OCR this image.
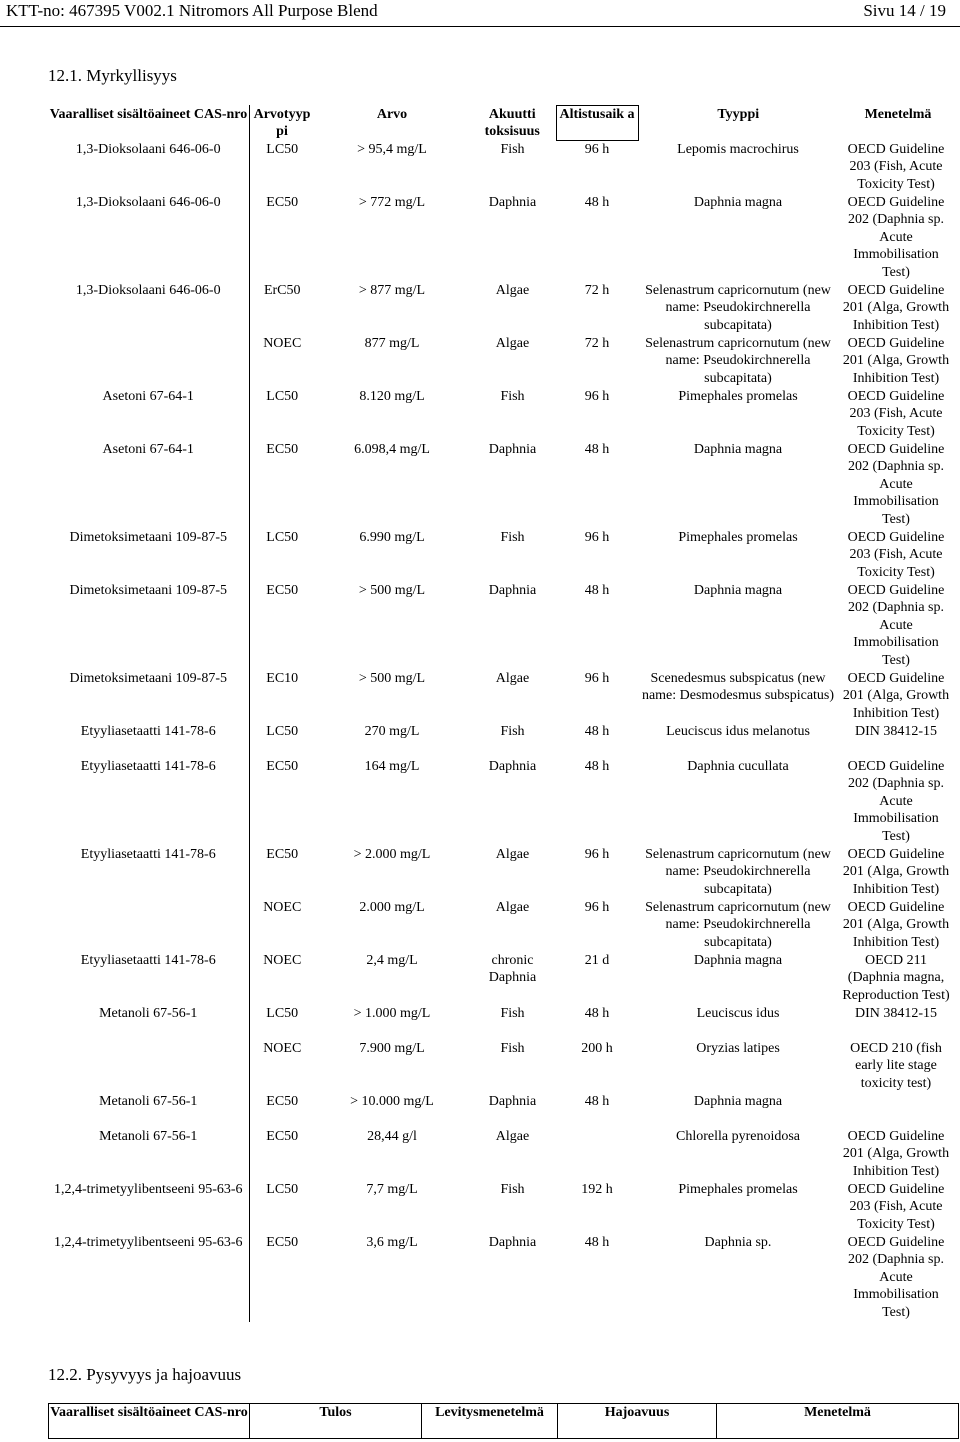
KTT-no: 467395 V002.1 Nitromors All Purpose Blend	Sivu 14 / 19
12.1. Myrkyllisyys
Vaaralliset sisältöaineet CAS-nro	Arvotyyp pi	Arvo	Akuutti toksisuus	Altistusaik a	Tyyppi	Menetelmä
1,3-Dioksolaani 646-06-0	LC50	> 95,4 mg/L	Fish	96 h	Lepomis macrochirus	OECD Guideline 203 (Fish, Acute Toxicity Test)
1,3-Dioksolaani 646-06-0	EC50	> 772 mg/L	Daphnia	48 h	Daphnia magna	OECD Guideline 202 (Daphnia sp. Acute Immobilisation Test)
1,3-Dioksolaani 646-06-0	ErC50	> 877 mg/L	Algae	72 h	Selenastrum capricornutum (new name: Pseudokirchnerella subcapitata)	OECD Guideline 201 (Alga, Growth Inhibition Test)
	NOEC	877 mg/L	Algae	72 h	Selenastrum capricornutum (new name: Pseudokirchnerella subcapitata)	OECD Guideline 201 (Alga, Growth Inhibition Test)
Asetoni 67-64-1	LC50	8.120 mg/L	Fish	96 h	Pimephales promelas	OECD Guideline 203 (Fish, Acute Toxicity Test)
Asetoni 67-64-1	EC50	6.098,4 mg/L	Daphnia	48 h	Daphnia magna	OECD Guideline 202 (Daphnia sp. Acute Immobilisation Test)
Dimetoksimetaani 109-87-5	LC50	6.990 mg/L	Fish	96 h	Pimephales promelas	OECD Guideline 203 (Fish, Acute Toxicity Test)
Dimetoksimetaani 109-87-5	EC50	> 500 mg/L	Daphnia	48 h	Daphnia magna	OECD Guideline 202 (Daphnia sp. Acute Immobilisation Test)
Dimetoksimetaani 109-87-5	EC10	> 500 mg/L	Algae	96 h	Scenedesmus subspicatus (new name: Desmodesmus subspicatus)	OECD Guideline 201 (Alga, Growth Inhibition Test)
Etyyliasetaatti 141-78-6	LC50	270 mg/L	Fish	48 h	Leuciscus idus melanotus	DIN 38412-15
Etyyliasetaatti 141-78-6	EC50	164 mg/L	Daphnia	48 h	Daphnia cucullata	OECD Guideline 202 (Daphnia sp. Acute Immobilisation Test)
Etyyliasetaatti 141-78-6	EC50	> 2.000 mg/L	Algae	96 h	Selenastrum capricornutum (new name: Pseudokirchnerella subcapitata)	OECD Guideline 201 (Alga, Growth Inhibition Test)
	NOEC	2.000 mg/L	Algae	96 h	Selenastrum capricornutum (new name: Pseudokirchnerella subcapitata)	OECD Guideline 201 (Alga, Growth Inhibition Test)
Etyyliasetaatti 141-78-6	NOEC	2,4 mg/L	chronic Daphnia	21 d	Daphnia magna	OECD 211 (Daphnia magna, Reproduction Test)
Metanoli 67-56-1	LC50	> 1.000 mg/L	Fish	48 h	Leuciscus idus	DIN 38412-15
	NOEC	7.900 mg/L	Fish	200 h	Oryzias latipes	OECD 210 (fish early lite stage toxicity test)
Metanoli 67-56-1	EC50	> 10.000 mg/L	Daphnia	48 h	Daphnia magna	
Metanoli 67-56-1	EC50	28,44 g/l	Algae		Chlorella pyrenoidosa	OECD Guideline 201 (Alga, Growth Inhibition Test)
1,2,4-trimetyylibentseeni 95-63-6	LC50	7,7 mg/L	Fish	192 h	Pimephales promelas	OECD Guideline 203 (Fish, Acute Toxicity Test)
1,2,4-trimetyylibentseeni 95-63-6	EC50	3,6 mg/L	Daphnia	48 h	Daphnia sp.	OECD Guideline 202 (Daphnia sp. Acute Immobilisation Test)
12.2. Pysyvyys ja hajoavuus
Vaaralliset sisältöaineet CAS-nro	Tulos	Levitysmenetelmä	Hajoavuus	Menetelmä
